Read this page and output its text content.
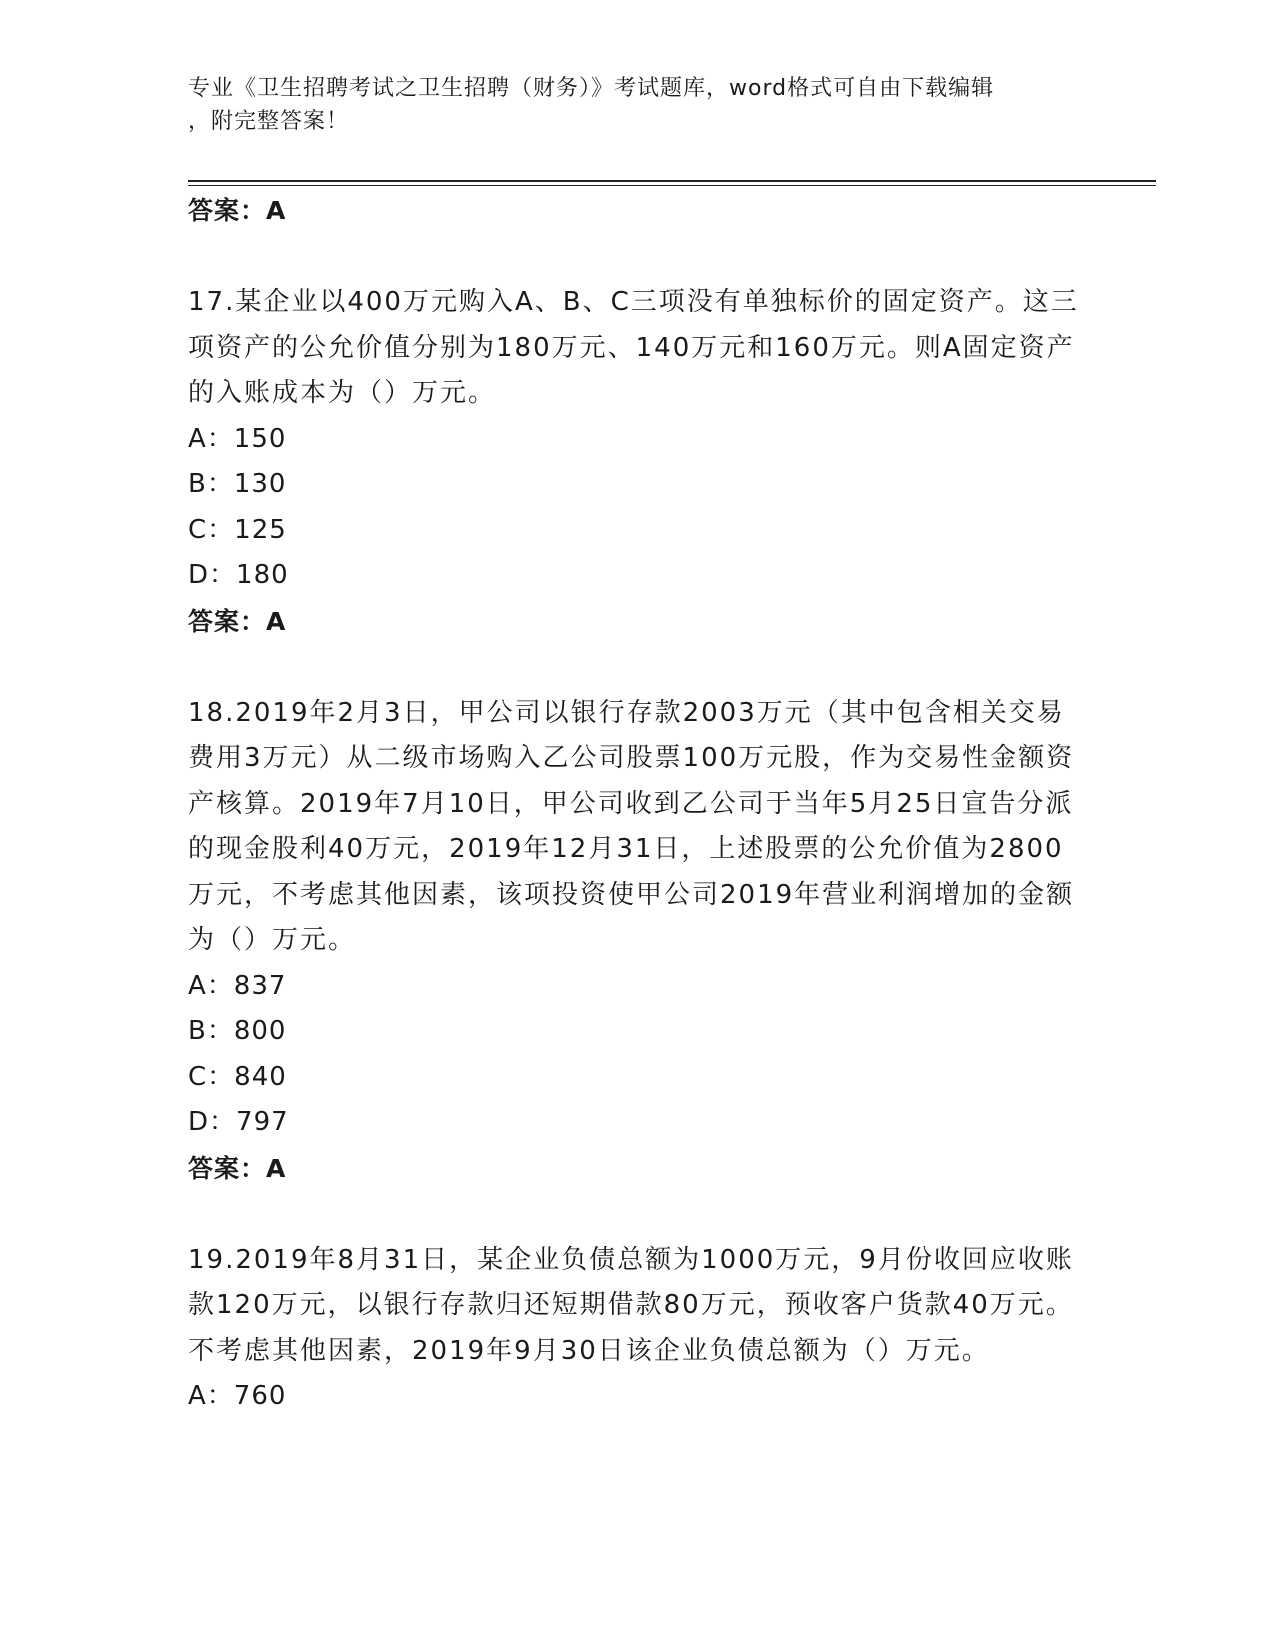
专业《卫生招聘考试之卫生招聘（财务）》考试题库，word格式可自由下载编辑
，附完整答案！
答案：A
17.某企业以400万元购入A、B、C三项没有单独标价的固定资产。这三项资产的公允价值分别为180万元、140万元和160万元。则A固定资产的入账成本为（）万元。
A：150
B：130
C：125
D：180
答案：A
18.2019年2月3日，甲公司以银行存款2003万元（其中包含相关交易费用3万元）从二级市场购入乙公司股票100万元股，作为交易性金额资产核算。2019年7月10日，甲公司收到乙公司于当年5月25日宣告分派的现金股利40万元，2019年12月31日，上述股票的公允价值为2800万元，不考虑其他因素，该项投资使甲公司2019年营业利润增加的金额为（）万元。
A：837
B：800
C：840
D：797
答案：A
19.2019年8月31日，某企业负债总额为1000万元，9月份收回应收账款120万元，以银行存款归还短期借款80万元，预收客户货款40万元。不考虑其他因素，2019年9月30日该企业负债总额为（）万元。
A：760
